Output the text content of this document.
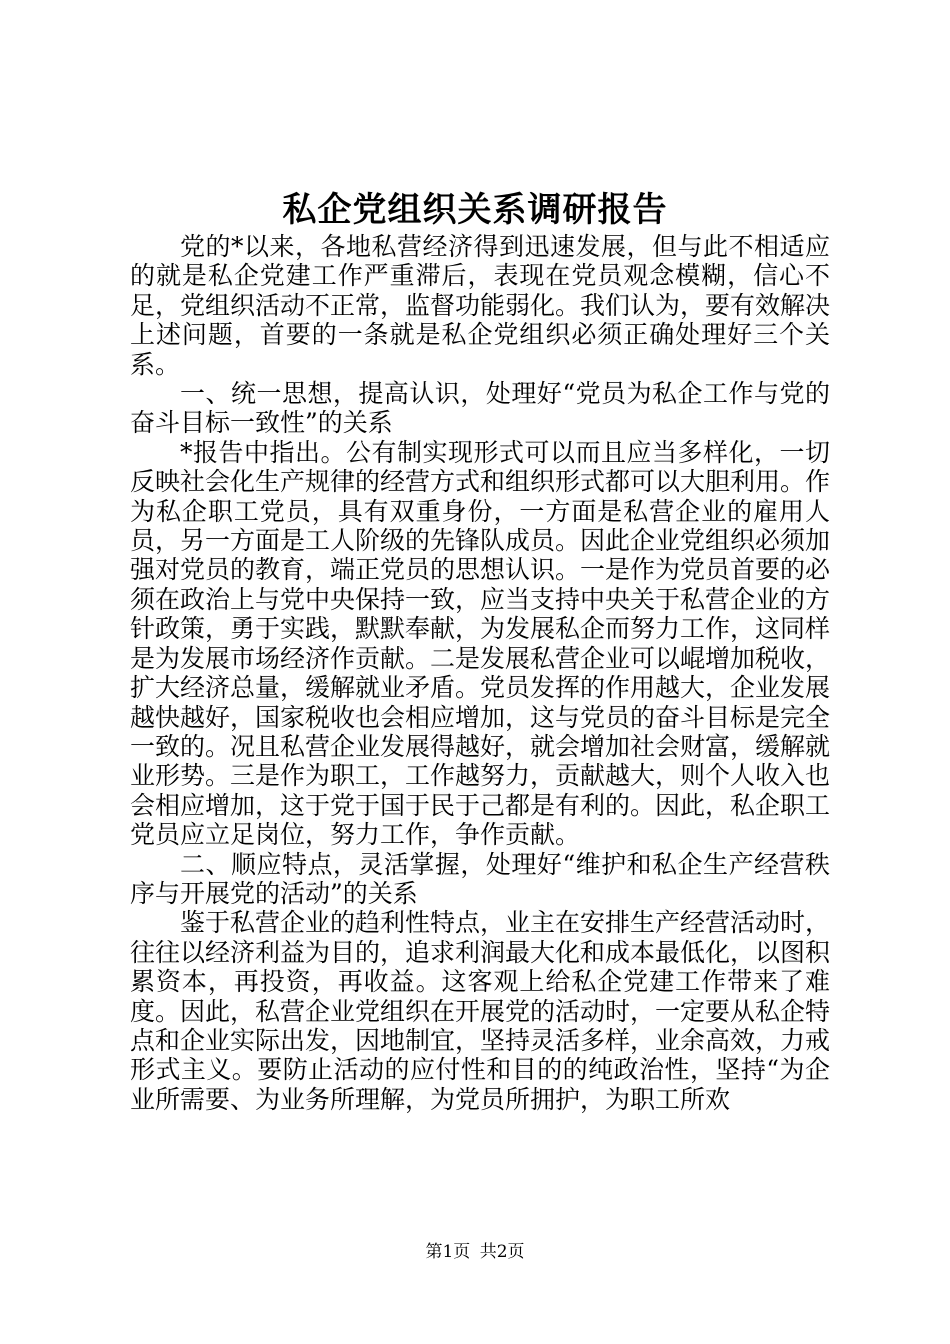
私企党组织关系调研报告

党的*以来，各地私营经济得到迅速发展，但与此不相适应的就是私企党建工作严重滞后，表现在党员观念模糊，信心不足，党组织活动不正常，监督功能弱化。我们认为，要有效解决上述问题，首要的一条就是私企党组织必须正确处理好三个关系。

一、统一思想，提高认识，处理好“党员为私企工作与党的奋斗目标一致性”的关系

*报告中指出。公有制实现形式可以而且应当多样化，一切反映社会化生产规律的经营方式和组织形式都可以大胆利用。作为私企职工党员，具有双重身份，一方面是私营企业的雇用人员，另一方面是工人阶级的先锋队成员。因此企业党组织必须加强对党员的教育，端正党员的思想认识。一是作为党员首要的必须在政治上与党中央保持一致，应当支持中央关于私营企业的方针政策，勇于实践，默默奉献，为发展私企而努力工作，这同样是为发展市场经济作贡献。二是发展私营企业可以崐增加税收，扩大经济总量，缓解就业矛盾。党员发挥的作用越大，企业发展越快越好，国家税收也会相应增加，这与党员的奋斗目标是完全一致的。况且私营企业发展得越好，就会增加社会财富，缓解就业形势。三是作为职工，工作越努力，贡献越大，则个人收入也会相应增加，这于党于国于民于己都是有利的。因此，私企职工党员应立足岗位，努力工作，争作贡献。

二、顺应特点，灵活掌握，处理好“维护和私企生产经营秩序与开展党的活动”的关系

鉴于私营企业的趋利性特点，业主在安排生产经营活动时，往往以经济利益为目的，追求利润最大化和成本最低化，以图积累资本，再投资，再收益。这客观上给私企党建工作带来了难度。因此，私营企业党组织在开展党的活动时，一定要从私企特点和企业实际出发，因地制宜，坚持灵活多样，业余高效，力戒形式主义。要防止活动的应付性和目的的纯政治性，坚持“为企业所需要、为业务所理解，为党员所拥护，为职工所欢

第1页 共2页
